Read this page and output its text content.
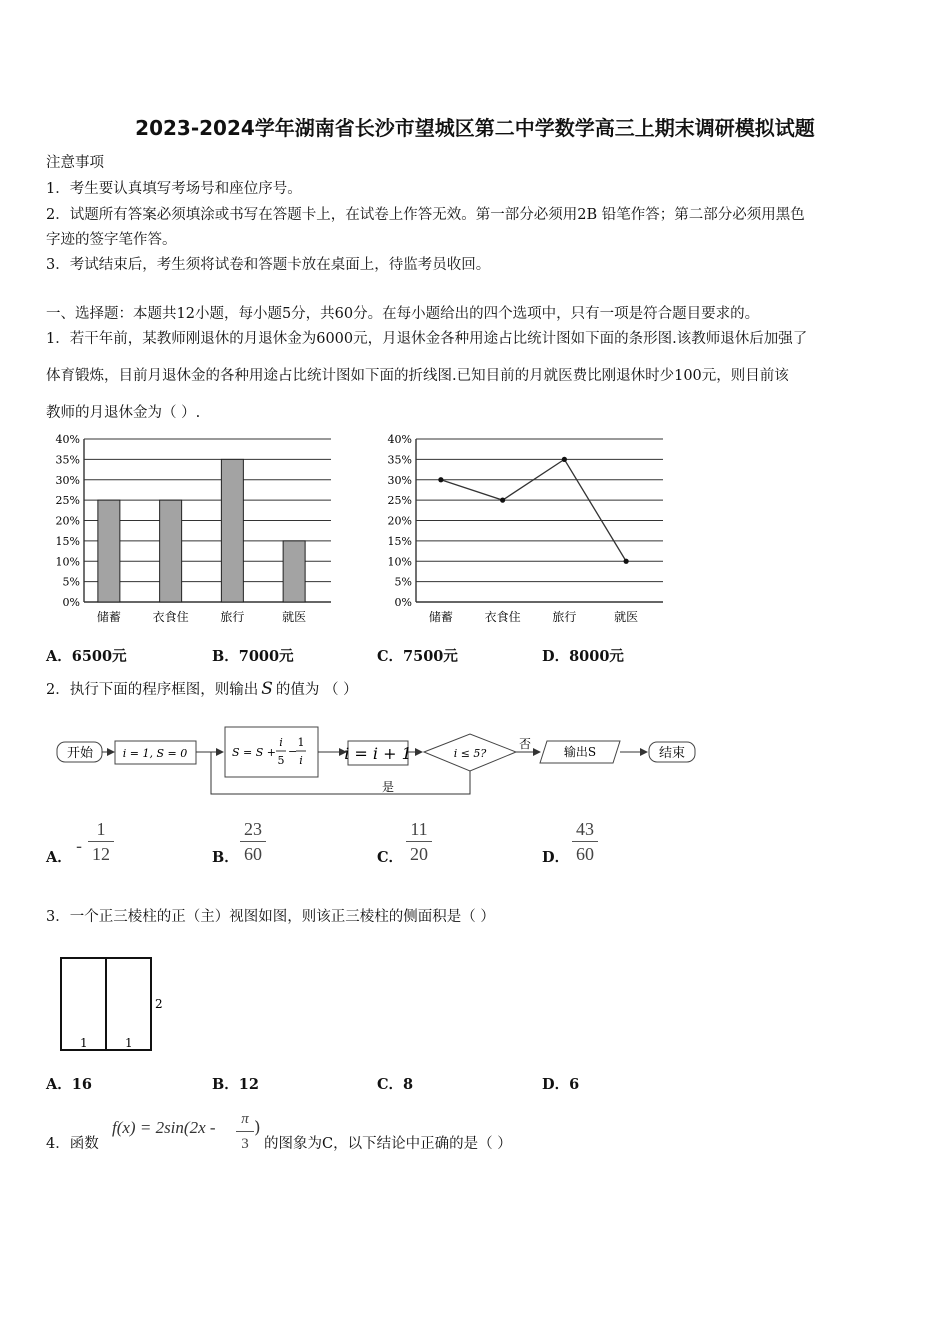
2023-2024学年湖南省长沙市望城区第二中学数学高三上期末调研模拟试题
注意事项
1．考生要认真填写考场号和座位序号。
2．试题所有答案必须填涂或书写在答题卡上，在试卷上作答无效。第一部分必须用2B 铅笔作答；第二部分必须用黑色
字迹的签字笔作答。
3．考试结束后，考生须将试卷和答题卡放在桌面上，待监考员收回。
一、选择题：本题共12小题，每小题5分，共60分。在每小题给出的四个选项中，只有一项是符合题目要求的。
1．若干年前，某教师刚退休的月退休金为6000元，月退休金各种用途占比统计图如下面的条形图.该教师退休后加强了
体育锻炼，目前月退休金的各种用途占比统计图如下面的折线图.已知目前的月就医费比刚退休时少100元，则目前该
教师的月退休金为（ ）.
0%
5%
10%
15%
20%
25%
30%
35%
40%
储蓄	衣食住	旅行	就医
0%
5%
10%
15%
20%
25%
30%
35%
40%
储蓄	衣食住	旅行	就医
A．6500元	B．7000元	C．7500元	D．8000元
2．执行下面的程序框图，则输出 S 的值为 （ ）
开始	i = 1, S = 0	S = S +
i
5
−
1
i	i = i + 1	i ≤ 5?
否
输出S	结束
是
A．
-
1
12	B．
23
60	C．
11
20	D．
43
60
3．一个正三棱柱的正（主）视图如图，则该正三棱柱的侧面积是（ ）
1	1
2
A．16	B．12	C．8	D．6
4．函数
f(x) = 2sin(2x -	π
3
)
的图象为C，以下结论中正确的是（ ）
